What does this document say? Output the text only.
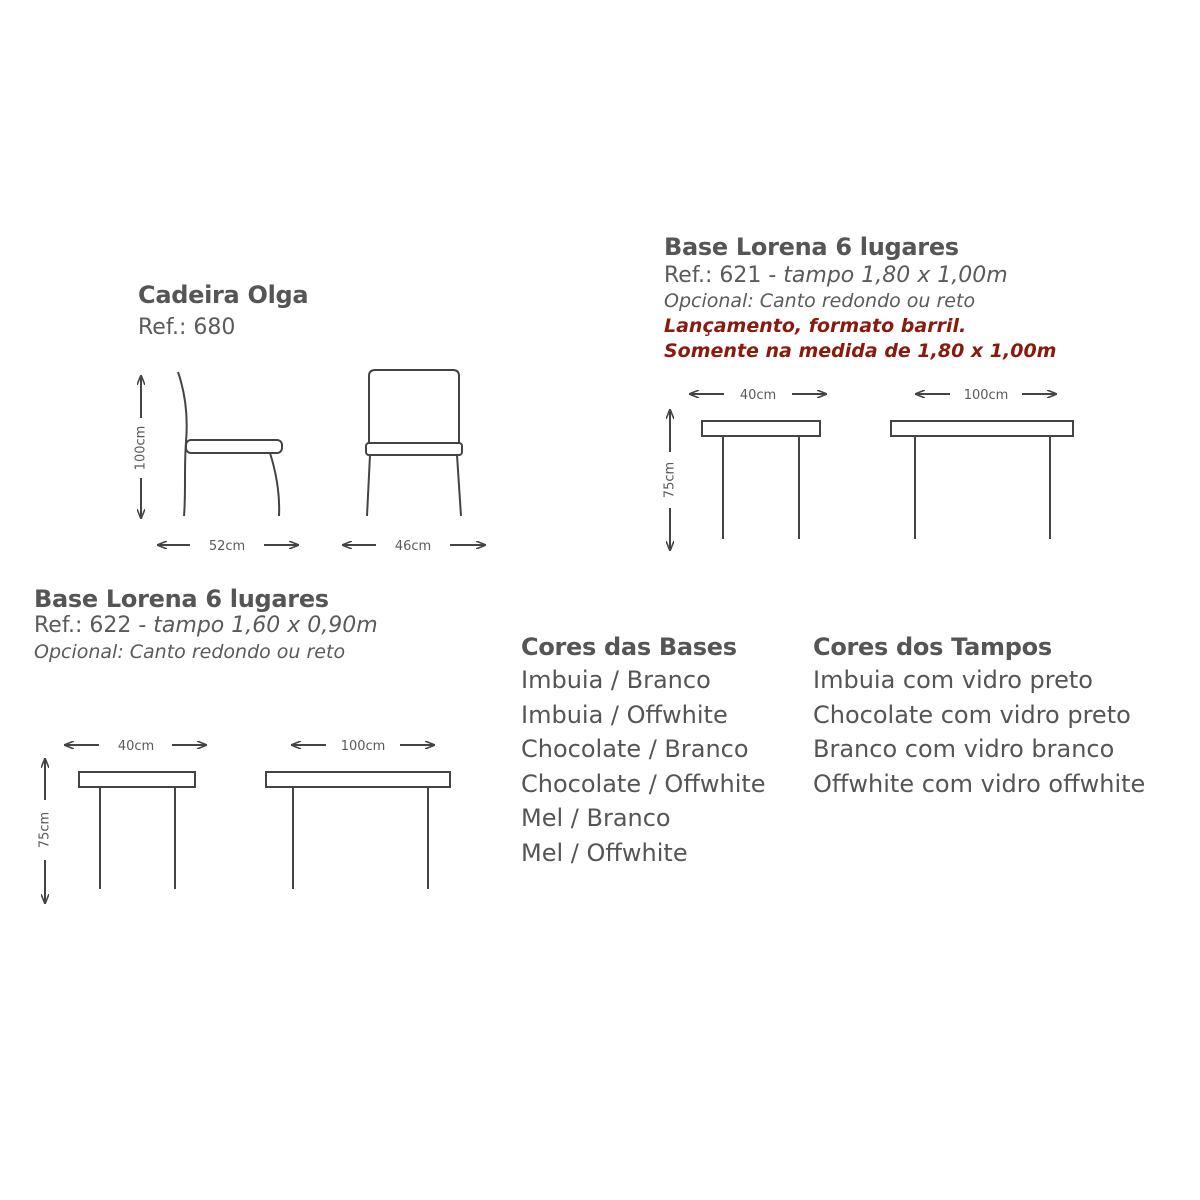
Cadeira Olga
Ref.: 680
Base Lorena 6 lugares
Ref.: 621 - tampo 1,80 x 1,00m
Opcional: Canto redondo ou reto
Lançamento, formato barril.
Somente na medida de 1,80 x 1,00m
Base Lorena 6 lugares
Ref.: 622 - tampo 1,60 x 0,90m
Opcional: Canto redondo ou reto	Cores das Bases
Imbuia / Branco
Imbuia / Offwhite
Chocolate / Branco
Chocolate / Offwhite
Mel / Branco
Mel / Offwhite
Cores dos Tampos
Imbuia com vidro preto
Chocolate com vidro preto
Branco com vidro branco
Offwhite com vidro offwhite
100cm
52cm	46cm
40cm	100cm
75cm
40cm	100cm
75cm
